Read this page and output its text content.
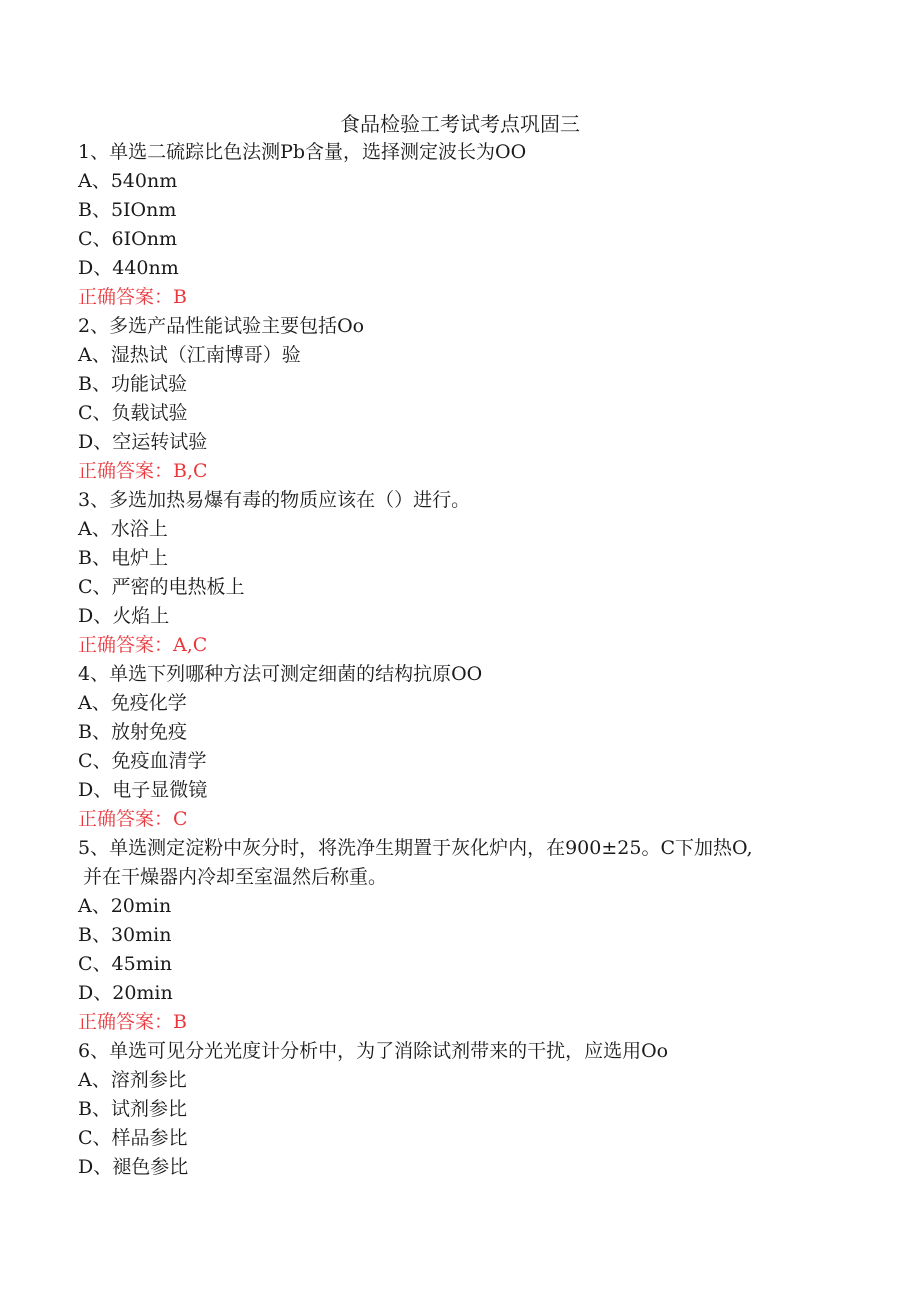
食品检验工考试考点巩固三
1、单选二硫踪比色法测Pb含量，选择测定波长为OO
A、540nm
B、5IOnm
C、6IOnm
D、440nm
正确答案：B
2、多选产品性能试验主要包括Oo
A、湿热试（江南博哥）验
B、功能试验
C、负载试验
D、空运转试验
正确答案：B,C
3、多选加热易爆有毒的物质应该在（）进行。
A、水浴上
B、电炉上
C、严密的电热板上
D、火焰上
正确答案：A,C
4、单选下列哪种方法可测定细菌的结构抗原OO
A、免疫化学
B、放射免疫
C、免疫血清学
D、电子显微镜
正确答案：C
5、单选测定淀粉中灰分时，将洗净生期置于灰化炉内，在900±25。C下加热O,
并在干燥器内冷却至室温然后称重。
A、20min
B、30min
C、45min
D、20min
正确答案：B
6、单选可见分光光度计分析中，为了消除试剂带来的干扰，应选用Oo
A、溶剂参比
B、试剂参比
C、样品参比
D、褪色参比
